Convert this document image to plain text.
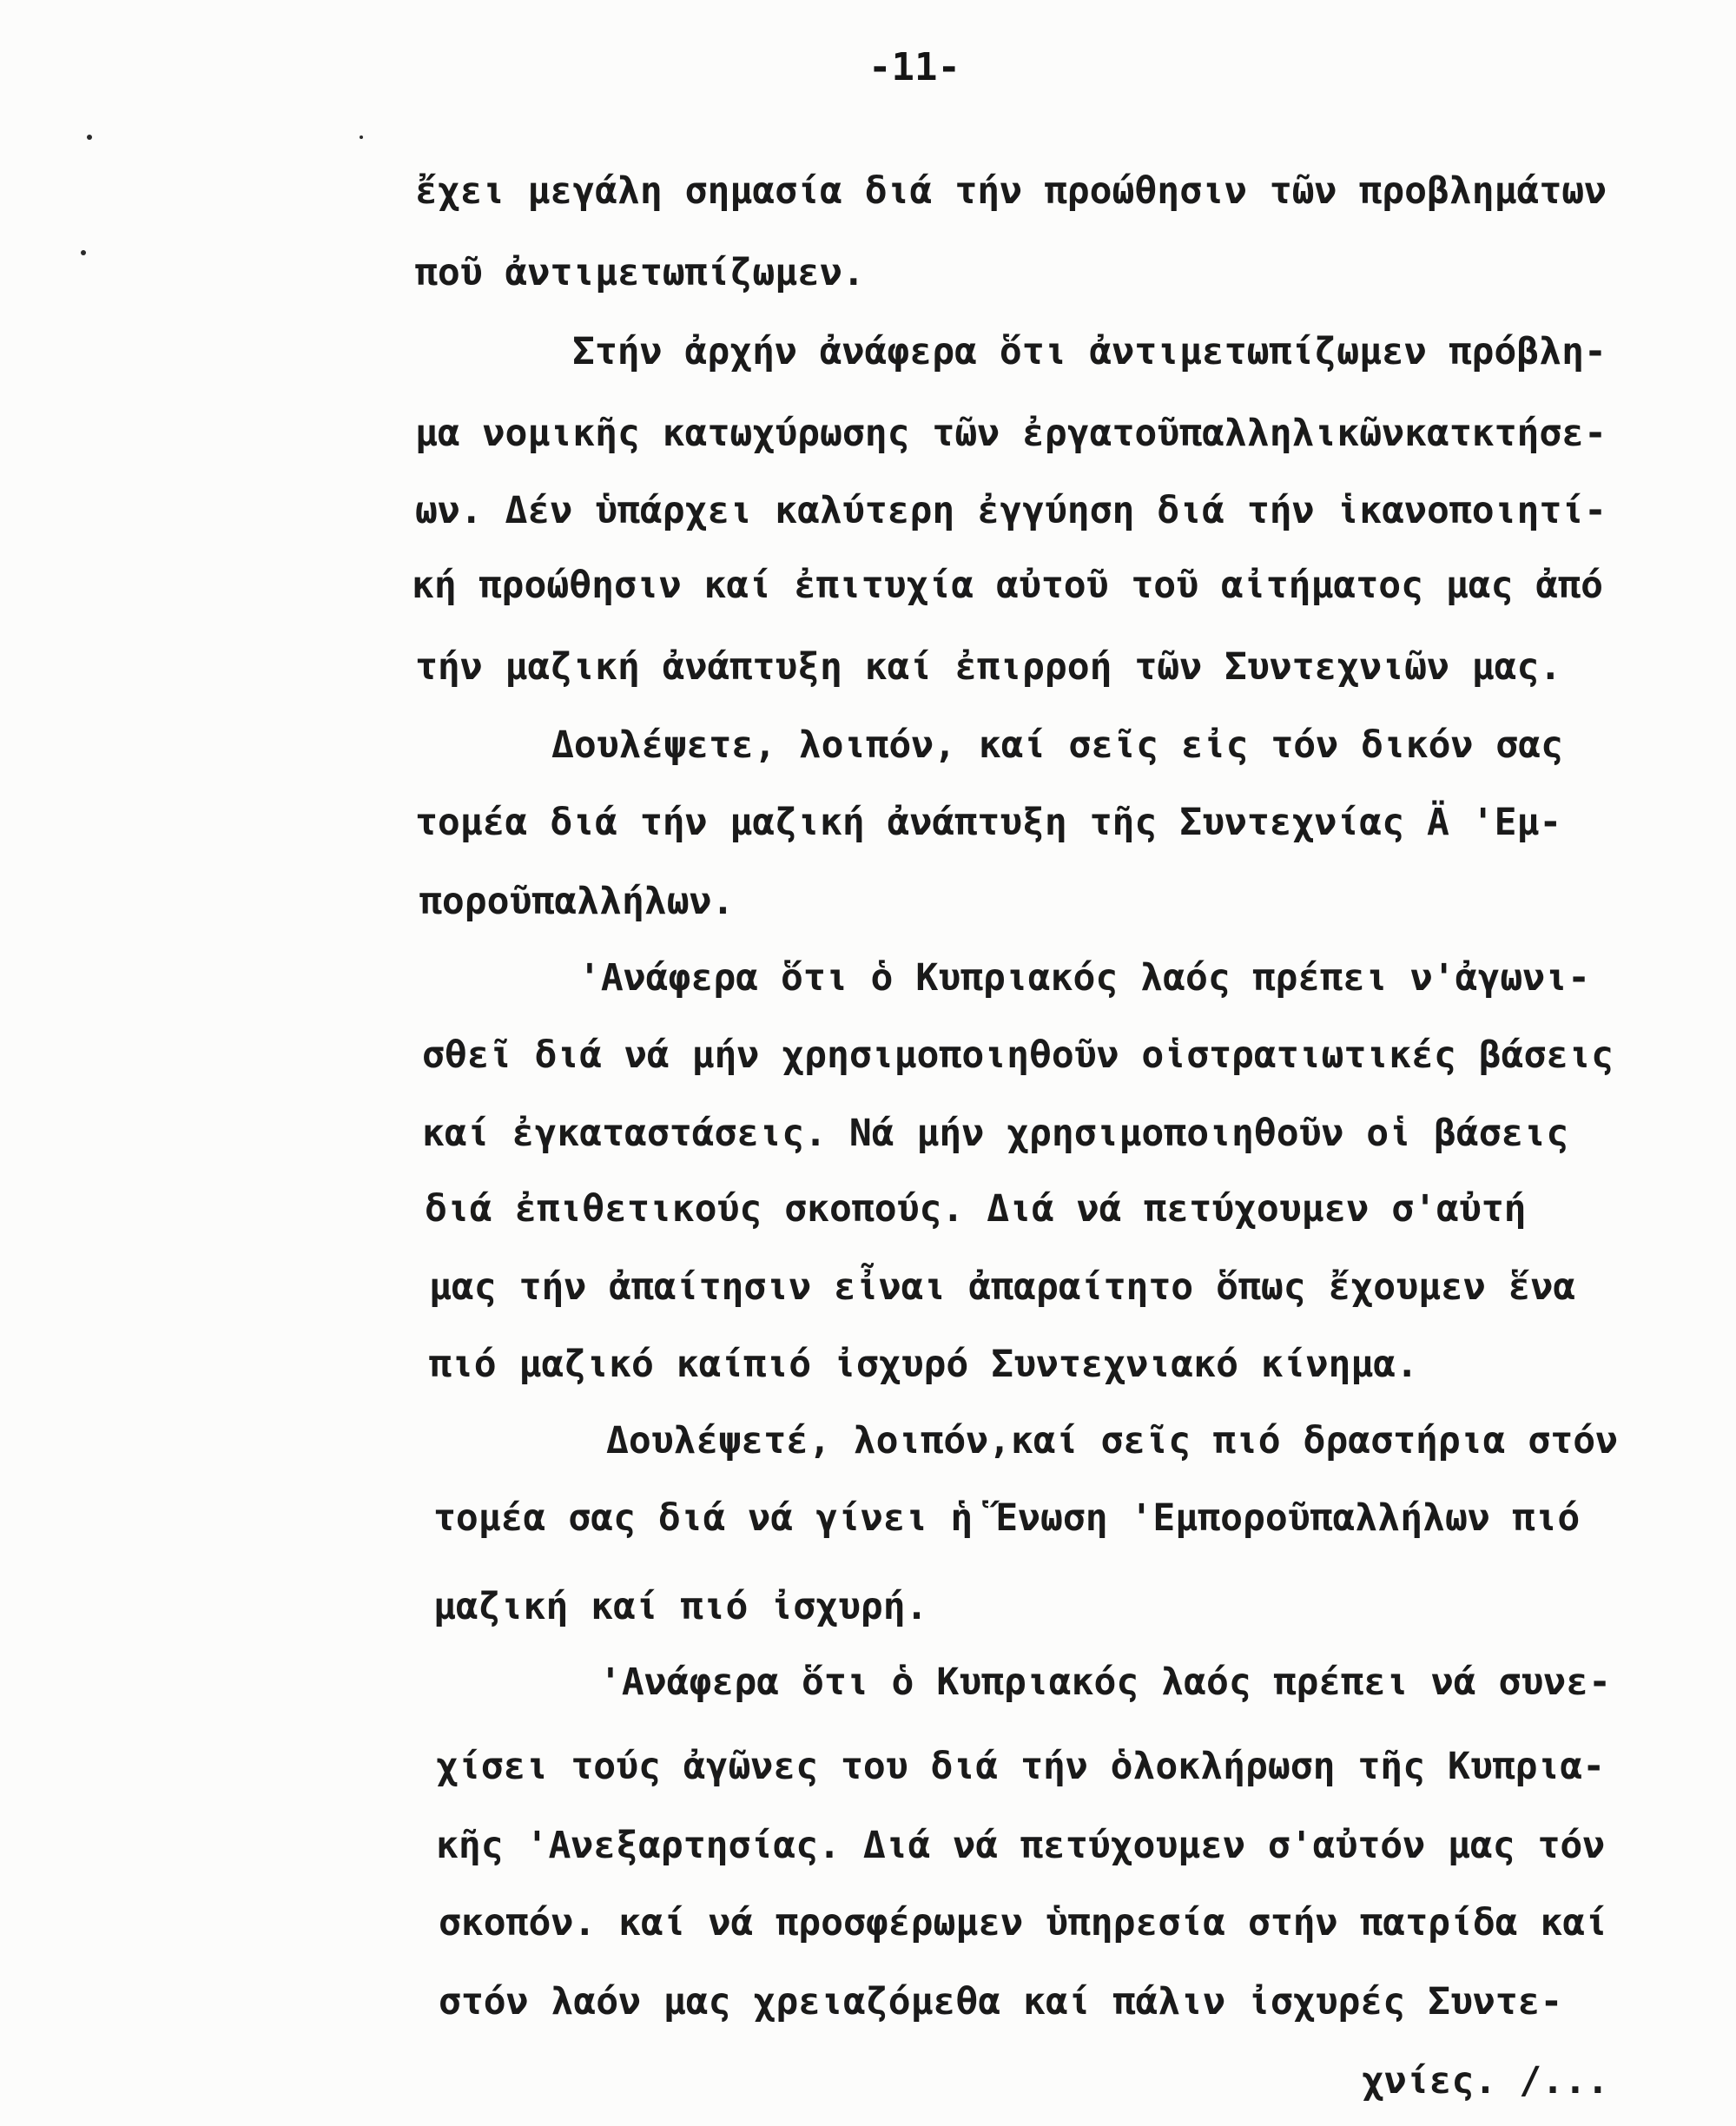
-11-
ἔχει μεγάλη σημασία διά τήν προώθησιν τῶν προβλημάτων
ποῦ ἀντιμετωπίζωμεν.
Στήν ἀρχήν ἀνάφερα ὅτι ἀντιμετωπίζωμεν πρόβλη-
μα νομικῆς κατωχύρωσης τῶν ἐργατοῦπαλληλικῶνκατκτήσε-
ων. Δέν ὑπάρχει καλύτερη ἐγγύηση διά τήν ἱκανοποιητί-
κή προώθησιν καί ἐπιτυχία αὐτοῦ τοῦ αἰτήματος μας ἀπό
τήν μαζική ἀνάπτυξη καί ἐπιρροή τῶν Συντεχνιῶν μας.
Δουλέψετε, λοιπόν, καί σεῖς εἰς τόν δικόν σας
τομέα διά τήν μαζική ἀνάπτυξη τῆς Συντεχνίας Ä 'Εμ-
ποροῦπαλλήλων.
'Ανάφερα ὅτι ὁ Κυπριακός λαός πρέπει ν'ἀγωνι-
σθεῖ διά νά μήν χρησιμοποιηθοῦν οἱστρατιωτικές βάσεις
καί ἐγκαταστάσεις. Νά μήν χρησιμοποιηθοῦν οἱ βάσεις
διά ἐπιθετικούς σκοπούς. Διά νά πετύχουμεν σ'αὐτή
μας τήν ἀπαίτησιν εἶναι ἀπαραίτητο ὅπως ἔχουμεν ἕνα
πιό μαζικό καίπιό ἰσχυρό Συντεχνιακό κίνημα.
Δουλέψετέ, λοιπόν,καί σεῖς πιό δραστήρια στόν
τομέα σας διά νά γίνει ἡ Ἕνωση 'Εμποροῦπαλλήλων πιό
μαζική καί πιό ἰσχυρή.
'Ανάφερα ὅτι ὁ Κυπριακός λαός πρέπει νά συνε-
χίσει τούς ἀγῶνες του διά τήν ὁλοκλήρωση τῆς Κυπρια-
κῆς 'Ανεξαρτησίας. Διά νά πετύχουμεν σ'αὐτόν μας τόν
σκοπόν. καί νά προσφέρωμεν ὑπηρεσία στήν πατρίδα καί
στόν λαόν μας χρειαζόμεθα καί πάλιν ἰσχυρές Συντε-
χνίες. /...
